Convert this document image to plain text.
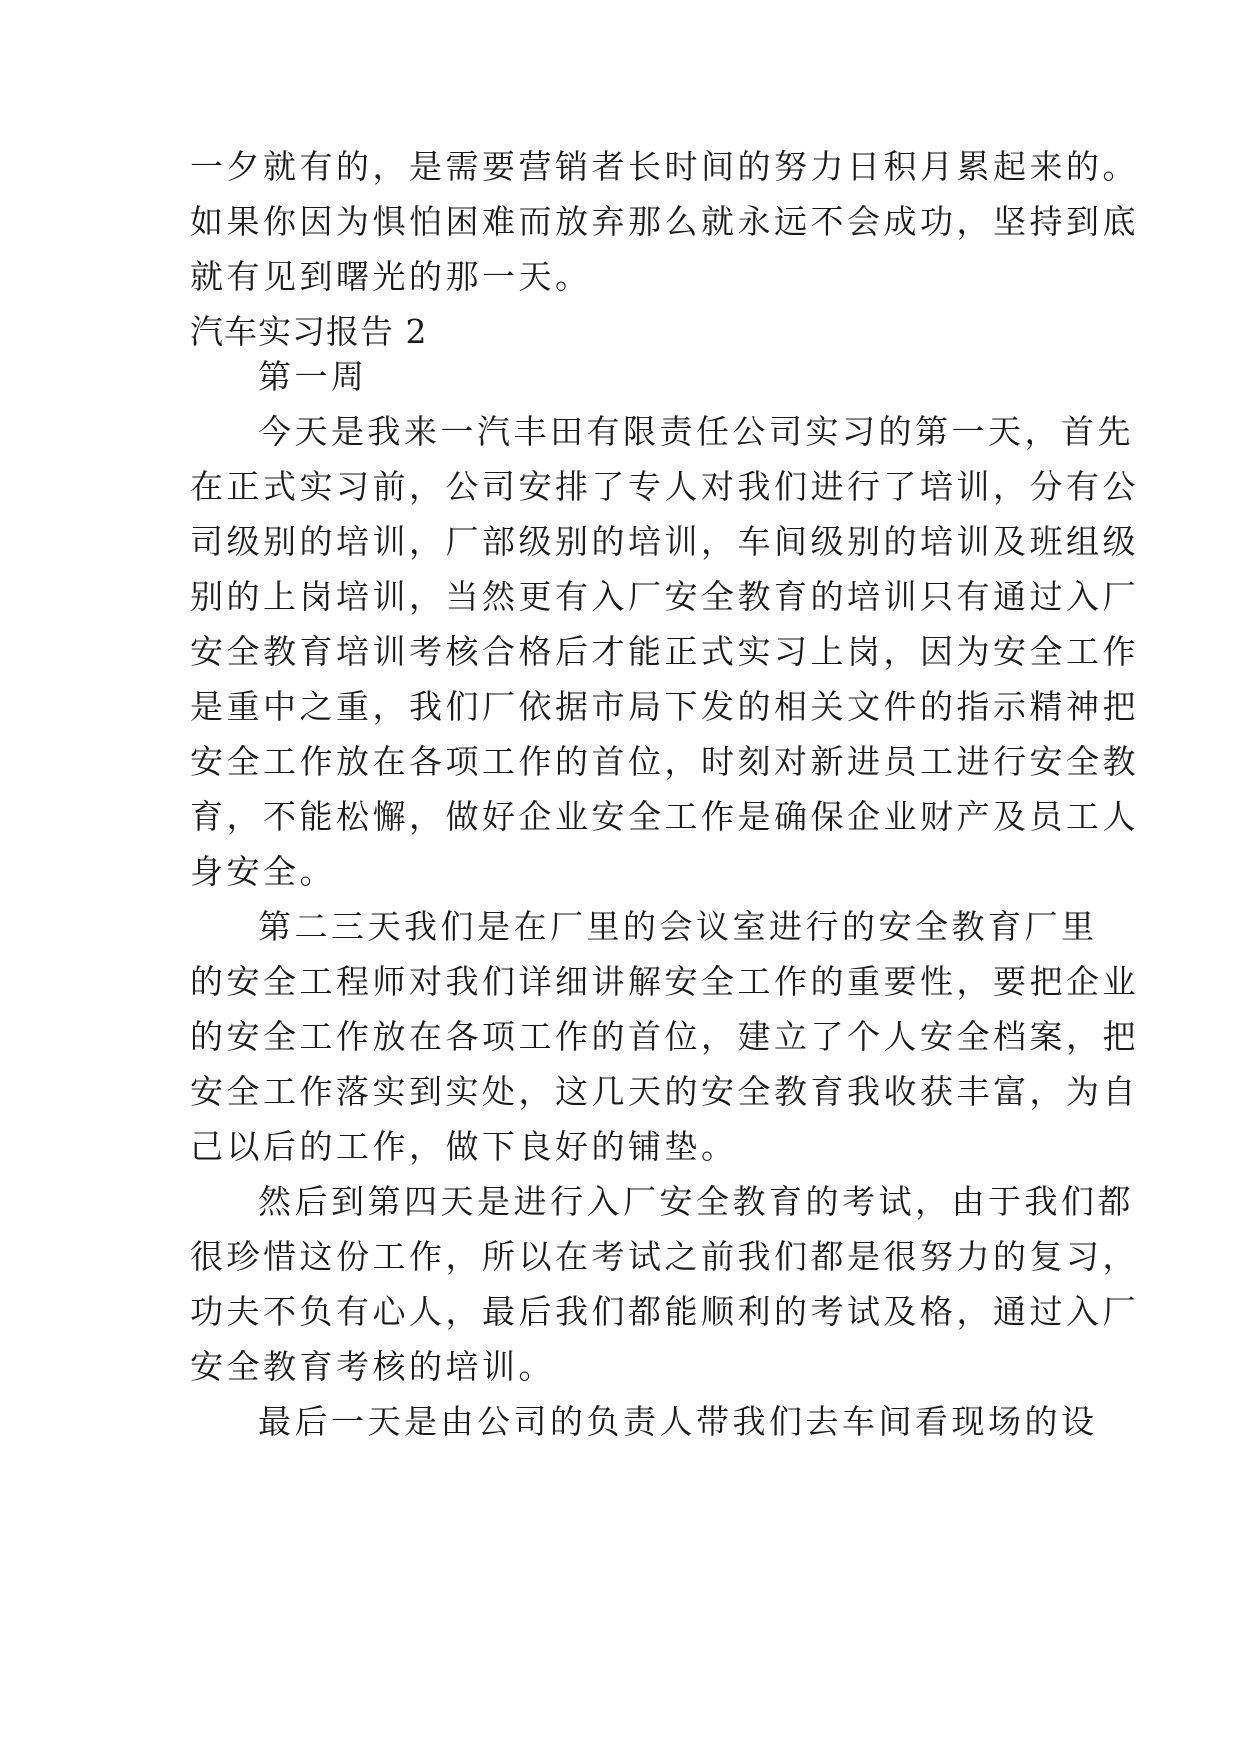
一夕就有的，是需要营销者长时间的努力日积月累起来的。

如果你因为惧怕困难而放弃那么就永远不会成功，坚持到底

就有见到曙光的那一天。

汽车实习报告 2

第一周

今天是我来一汽丰田有限责任公司实习的第一天，首先

在正式实习前，公司安排了专人对我们进行了培训，分有公

司级别的培训，厂部级别的培训，车间级别的培训及班组级

别的上岗培训，当然更有入厂安全教育的培训只有通过入厂

安全教育培训考核合格后才能正式实习上岗，因为安全工作

是重中之重，我们厂依据市局下发的相关文件的指示精神把

安全工作放在各项工作的首位，时刻对新进员工进行安全教

育，不能松懈，做好企业安全工作是确保企业财产及员工人

身安全。

第二三天我们是在厂里的会议室进行的安全教育厂里

的安全工程师对我们详细讲解安全工作的重要性，要把企业

的安全工作放在各项工作的首位，建立了个人安全档案，把

安全工作落实到实处，这几天的安全教育我收获丰富，为自

己以后的工作，做下良好的铺垫。

然后到第四天是进行入厂安全教育的考试，由于我们都

很珍惜这份工作，所以在考试之前我们都是很努力的复习，

功夫不负有心人，最后我们都能顺利的考试及格，通过入厂

安全教育考核的培训。

最后一天是由公司的负责人带我们去车间看现场的设
